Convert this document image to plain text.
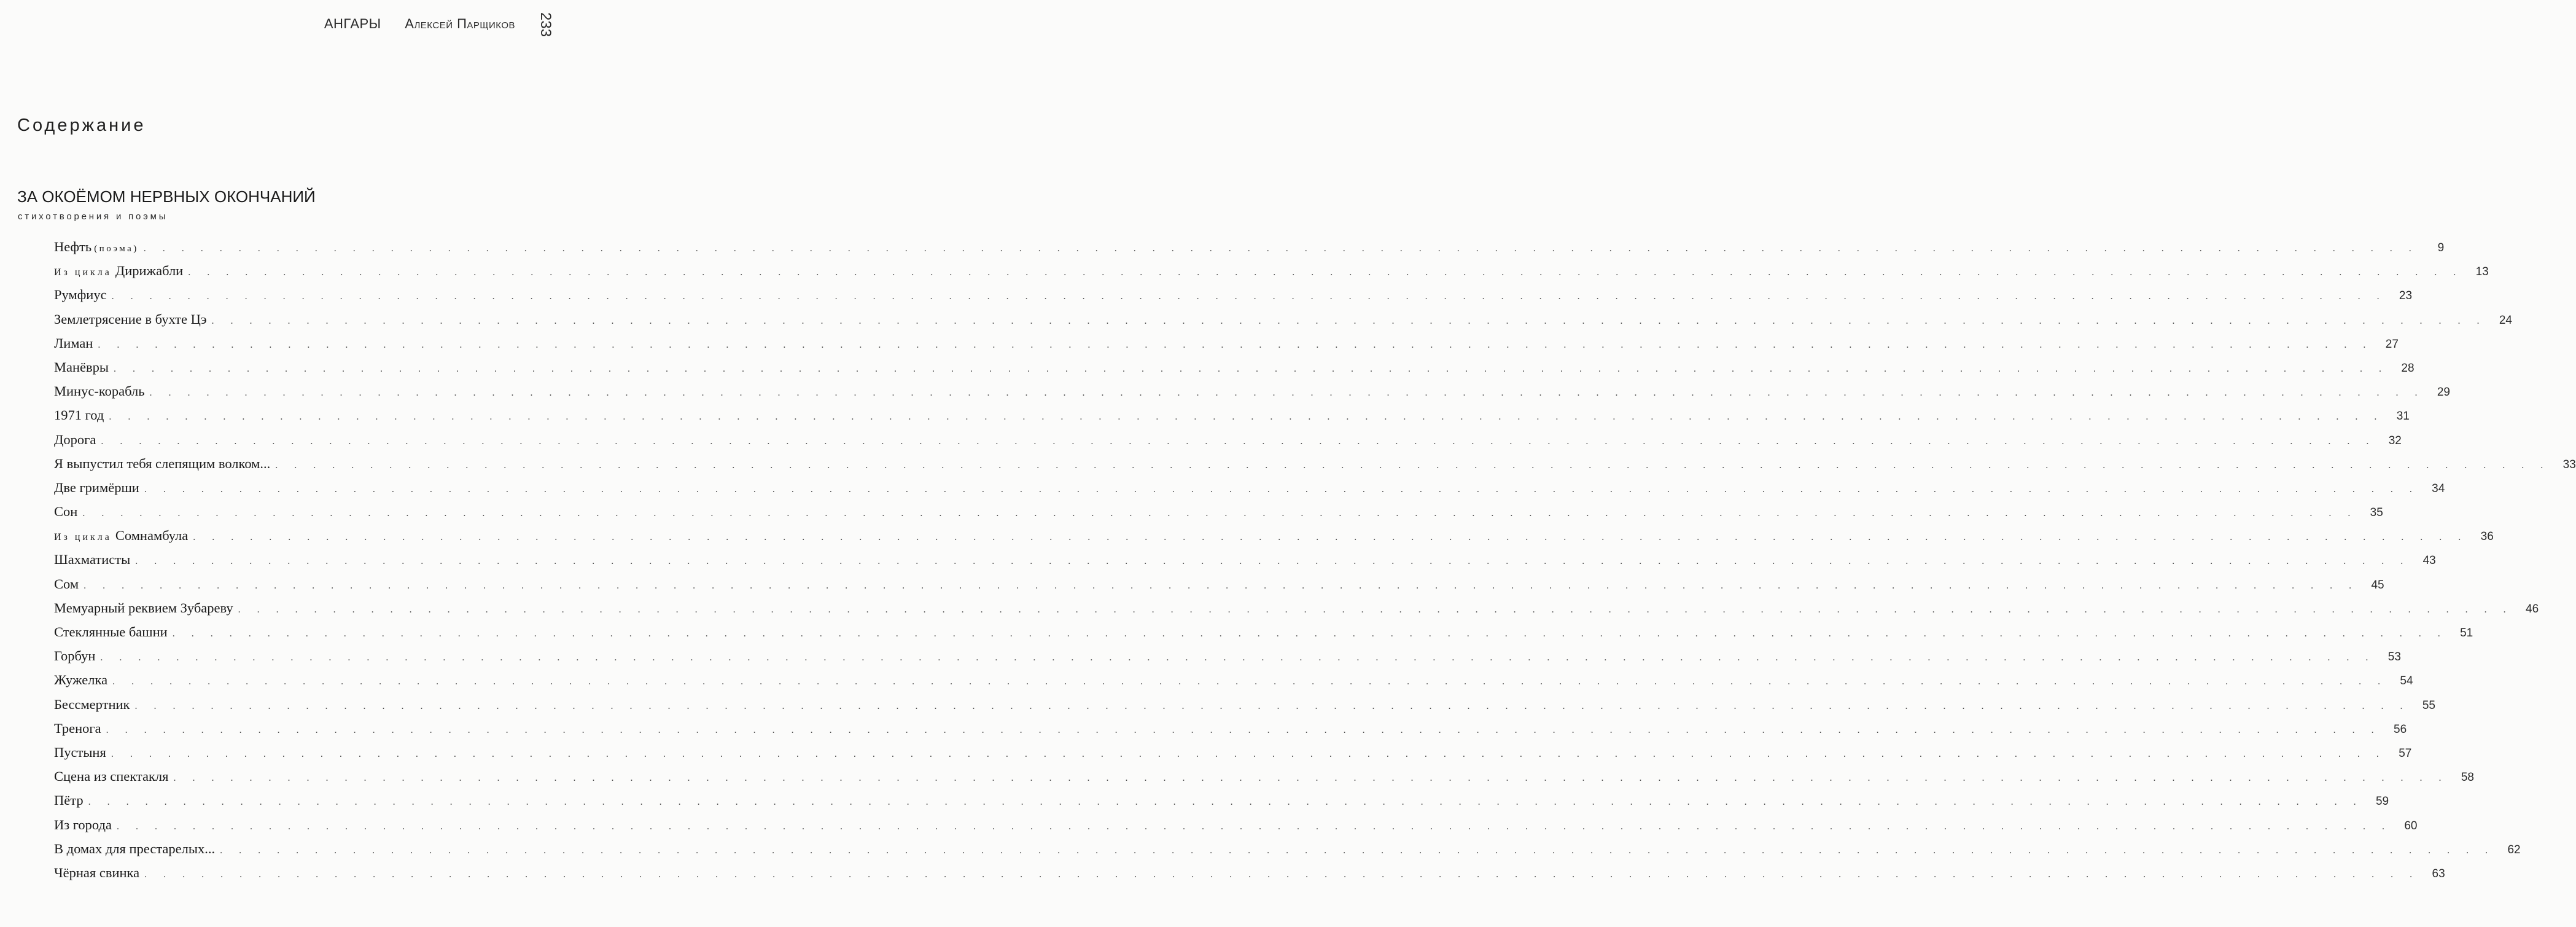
АНГАРЫ Алексей Парщиков	233
Содержание
ЗА ОКОЁМОМ НЕРВНЫХ ОКОНЧАНИЙ
стихотворения и поэмы
Нефть (поэма) . . . . . . . . . . . . . . . . . . . . . . . . . . . . . . . . . . . . . . . . . . . . . . . . . . . . . . . . . . . . . . . . . . . . . . . . . . . . . . . . . . . . . . . . . . . . . . . . . . . . . . . . . . . . . . . . . . . . . . . .	9
Из цикла Дирижабли . . . . . . . . . . . . . . . . . . . . . . . . . . . . . . . . . . . . . . . . . . . . . . . . . . . . . . . . . . . . . . . . . . . . . . . . . . . . . . . . . . . . . . . . . . . . . . . . . . . . . . . . . . . . . . . . . . . . . . . . 13
Румфиус . . . . . . . . . . . . . . . . . . . . . . . . . . . . . . . . . . . . . . . . . . . . . . . . . . . . . . . . . . . . . . . . . . . . . . . . . . . . . . . . . . . . . . . . . . . . . . . . . . . . . . . . . . . . . . . . . . . . . . . . 23
Землетрясение в бухте Цэ . . . . . . . . . . . . . . . . . . . . . . . . . . . . . . . . . . . . . . . . . . . . . . . . . . . . . . . . . . . . . . . . . . . . . . . . . . . . . . . . . . . . . . . . . . . . . . . . . . . . . . . . . . . . . . . . . . . . . . . . 24
Лиман . . . . . . . . . . . . . . . . . . . . . . . . . . . . . . . . . . . . . . . . . . . . . . . . . . . . . . . . . . . . . . . . . . . . . . . . . . . . . . . . . . . . . . . . . . . . . . . . . . . . . . . . . . . . . . . . . . . . . . . . 27
Манёвры . . . . . . . . . . . . . . . . . . . . . . . . . . . . . . . . . . . . . . . . . . . . . . . . . . . . . . . . . . . . . . . . . . . . . . . . . . . . . . . . . . . . . . . . . . . . . . . . . . . . . . . . . . . . . . . . . . . . . . . . 28
Минус-корабль . . . . . . . . . . . . . . . . . . . . . . . . . . . . . . . . . . . . . . . . . . . . . . . . . . . . . . . . . . . . . . . . . . . . . . . . . . . . . . . . . . . . . . . . . . . . . . . . . . . . . . . . . . . . . . . . . . . . . . . . 29
1971 год . . . . . . . . . . . . . . . . . . . . . . . . . . . . . . . . . . . . . . . . . . . . . . . . . . . . . . . . . . . . . . . . . . . . . . . . . . . . . . . . . . . . . . . . . . . . . . . . . . . . . . . . . . . . . . . . . . . . . . . . 31
Дорога . . . . . . . . . . . . . . . . . . . . . . . . . . . . . . . . . . . . . . . . . . . . . . . . . . . . . . . . . . . . . . . . . . . . . . . . . . . . . . . . . . . . . . . . . . . . . . . . . . . . . . . . . . . . . . . . . . . . . . . . 32
Я выпустил тебя слепящим волком... . . . . . . . . . . . . . . . . . . . . . . . . . . . . . . . . . . . . . . . . . . . . . . . . . . . . . . . . . . . . . . . . . . . . . . . . . . . . . . . . . . . . . . . . . . . . . . . . . . . . . . . . . . . . . . . . . . . . . . . . 33
Две гримёрши . . . . . . . . . . . . . . . . . . . . . . . . . . . . . . . . . . . . . . . . . . . . . . . . . . . . . . . . . . . . . . . . . . . . . . . . . . . . . . . . . . . . . . . . . . . . . . . . . . . . . . . . . . . . . . . . . . . . . . . . 34
Сон . . . . . . . . . . . . . . . . . . . . . . . . . . . . . . . . . . . . . . . . . . . . . . . . . . . . . . . . . . . . . . . . . . . . . . . . . . . . . . . . . . . . . . . . . . . . . . . . . . . . . . . . . . . . . . . . . . . . . . . . 35
Из цикла Сомнамбула . . . . . . . . . . . . . . . . . . . . . . . . . . . . . . . . . . . . . . . . . . . . . . . . . . . . . . . . . . . . . . . . . . . . . . . . . . . . . . . . . . . . . . . . . . . . . . . . . . . . . . . . . . . . . . . . . . . . . . . . 36
Шахматисты . . . . . . . . . . . . . . . . . . . . . . . . . . . . . . . . . . . . . . . . . . . . . . . . . . . . . . . . . . . . . . . . . . . . . . . . . . . . . . . . . . . . . . . . . . . . . . . . . . . . . . . . . . . . . . . . . . . . . . . . 43
Сом . . . . . . . . . . . . . . . . . . . . . . . . . . . . . . . . . . . . . . . . . . . . . . . . . . . . . . . . . . . . . . . . . . . . . . . . . . . . . . . . . . . . . . . . . . . . . . . . . . . . . . . . . . . . . . . . . . . . . . . . 45
Мемуарный реквием Зубареву . . . . . . . . . . . . . . . . . . . . . . . . . . . . . . . . . . . . . . . . . . . . . . . . . . . . . . . . . . . . . . . . . . . . . . . . . . . . . . . . . . . . . . . . . . . . . . . . . . . . . . . . . . . . . . . . . . . . . . . . 46
Стеклянные башни . . . . . . . . . . . . . . . . . . . . . . . . . . . . . . . . . . . . . . . . . . . . . . . . . . . . . . . . . . . . . . . . . . . . . . . . . . . . . . . . . . . . . . . . . . . . . . . . . . . . . . . . . . . . . . . . . . . . . . . . 51
Горбун . . . . . . . . . . . . . . . . . . . . . . . . . . . . . . . . . . . . . . . . . . . . . . . . . . . . . . . . . . . . . . . . . . . . . . . . . . . . . . . . . . . . . . . . . . . . . . . . . . . . . . . . . . . . . . . . . . . . . . . . 53
Жужелка . . . . . . . . . . . . . . . . . . . . . . . . . . . . . . . . . . . . . . . . . . . . . . . . . . . . . . . . . . . . . . . . . . . . . . . . . . . . . . . . . . . . . . . . . . . . . . . . . . . . . . . . . . . . . . . . . . . . . . . . 54
Бессмертник . . . . . . . . . . . . . . . . . . . . . . . . . . . . . . . . . . . . . . . . . . . . . . . . . . . . . . . . . . . . . . . . . . . . . . . . . . . . . . . . . . . . . . . . . . . . . . . . . . . . . . . . . . . . . . . . . . . . . . . . 55
Тренога . . . . . . . . . . . . . . . . . . . . . . . . . . . . . . . . . . . . . . . . . . . . . . . . . . . . . . . . . . . . . . . . . . . . . . . . . . . . . . . . . . . . . . . . . . . . . . . . . . . . . . . . . . . . . . . . . . . . . . . . 56
Пустыня . . . . . . . . . . . . . . . . . . . . . . . . . . . . . . . . . . . . . . . . . . . . . . . . . . . . . . . . . . . . . . . . . . . . . . . . . . . . . . . . . . . . . . . . . . . . . . . . . . . . . . . . . . . . . . . . . . . . . . . . 57
Сцена из спектакля . . . . . . . . . . . . . . . . . . . . . . . . . . . . . . . . . . . . . . . . . . . . . . . . . . . . . . . . . . . . . . . . . . . . . . . . . . . . . . . . . . . . . . . . . . . . . . . . . . . . . . . . . . . . . . . . . . . . . . . . 58
Пётр . . . . . . . . . . . . . . . . . . . . . . . . . . . . . . . . . . . . . . . . . . . . . . . . . . . . . . . . . . . . . . . . . . . . . . . . . . . . . . . . . . . . . . . . . . . . . . . . . . . . . . . . . . . . . . . . . . . . . . . . 59
Из города . . . . . . . . . . . . . . . . . . . . . . . . . . . . . . . . . . . . . . . . . . . . . . . . . . . . . . . . . . . . . . . . . . . . . . . . . . . . . . . . . . . . . . . . . . . . . . . . . . . . . . . . . . . . . . . . . . . . . . . . 60
В домах для престарелых... . . . . . . . . . . . . . . . . . . . . . . . . . . . . . . . . . . . . . . . . . . . . . . . . . . . . . . . . . . . . . . . . . . . . . . . . . . . . . . . . . . . . . . . . . . . . . . . . . . . . . . . . . . . . . . . . . . . . . . . . 62
Чёрная свинка . . . . . . . . . . . . . . . . . . . . . . . . . . . . . . . . . . . . . . . . . . . . . . . . . . . . . . . . . . . . . . . . . . . . . . . . . . . . . . . . . . . . . . . . . . . . . . . . . . . . . . . . . . . . . . . . . . . . . . . . 63
